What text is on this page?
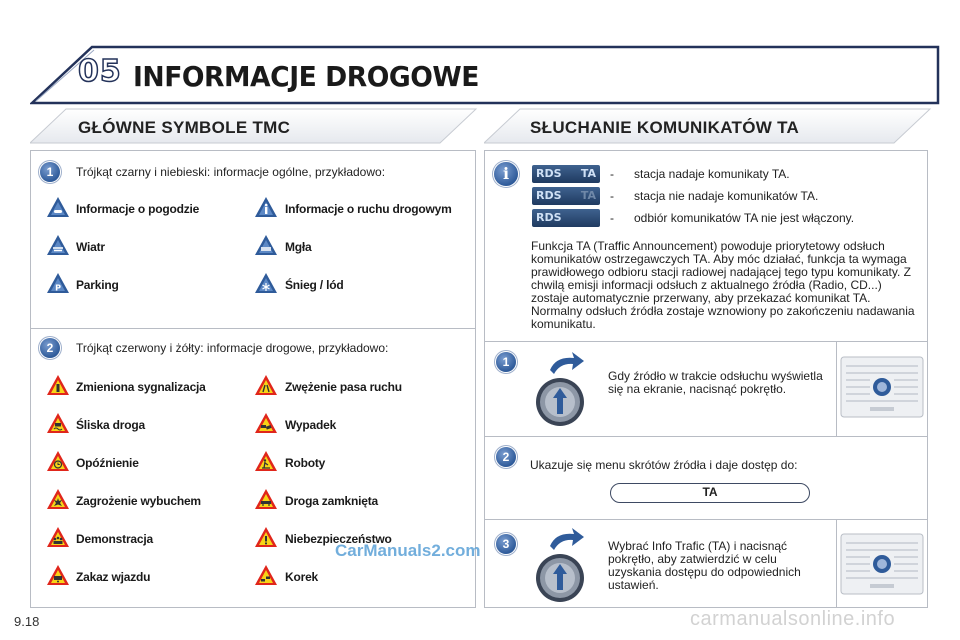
05 INFORMACJE DROGOWE
GŁÓWNE SYMBOLE TMC
1	Trójkąt czarny i niebieski: informacje ogólne, przykładowo:
Informacje o pogodzie	Informacje o ruchu drogowym
Wiatr	Mgła
P Parking	Śnieg / lód
2	Trójkąt czerwony i żółty: informacje drogowe, przykładowo:
Zmieniona sygnalizacja	Zwężenie pasa ruchu
Śliska droga	Wypadek
Opóźnienie	Roboty
Zagrożenie wybuchem	Droga zamknięta
Demonstracja	Niebezpieczeństwo
Zakaz wjazdu	Korek
CarManuals2.com
SŁUCHANIE KOMUNIKATÓW TA
i	RDS TA - stacja nadaje komunikaty TA.
RDS TA - stacja nie nadaje komunikatów TA.
RDS	- odbiór komunikatów TA nie jest włączony.
Funkcja TA (Traffic Announcement) powoduje priorytetowy odsłuch komunikatów ostrzegawczych TA. Aby móc działać, funkcja ta wymaga prawidłowego odbioru stacji radiowej nadającej tego typu komunikaty. Z chwilą emisji informacji odsłuch z aktualnego źródła (Radio, CD...) zostaje automatycznie przerwany, aby przekazać komunikat TA. Normalny odsłuch źródła zostaje wznowiony po zakończeniu nadawania komunikatu.
1
Gdy źródło w trakcie odsłuchu wyświetla się na ekranie, nacisnąć pokrętło.
2
Ukazuje się menu skrótów źródła i daje dostęp do:
TA
3	Wybrać Info Trafic (TA) i nacisnąć pokrętło, aby zatwierdzić w celu uzyskania dostępu do odpowiednich ustawień.
9.18	carmanualsonline.info
